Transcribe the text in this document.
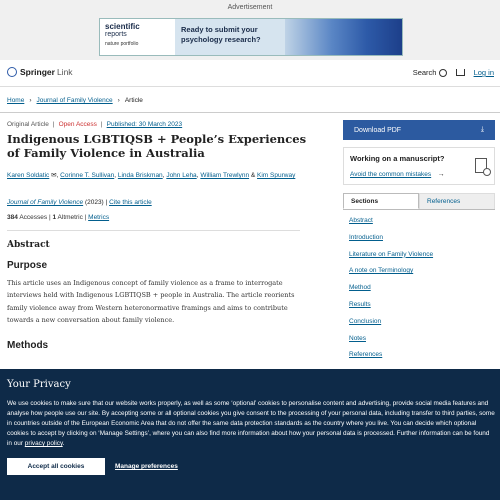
Advertisement
scientific
reports
nature portfolio
Ready to submit your psychology research?
Springer Link	Search	Log in
Home › Journal of Family Violence › Article
Original Article | Open Access | Published: 30 March 2023
Indigenous LGBTIQSB + People’s Experiences of Family Violence in Australia
Karen Soldatic ✉, Corinne T. Sullivan, Linda Briskman, John Leha, William Trewlynn & Kim Spurway
Journal of Family Violence (2023) | Cite this article
384 Accesses | 1 Altmetric | Metrics
Abstract
Purpose

This article uses an Indigenous concept of family violence as a frame to interrogate interviews held with Indigenous LGBTIQSB + people in Australia. The article reorients family violence away from Western heteronormative framings and aims to contribute towards a new conversation about family violence.

Methods
Download PDF	⤓
Working on a manuscript?
Avoid the common mistakes →
Sections	References
Abstract
Introduction
Literature on Family Violence
A note on Terminology
Method
Results
Conclusion
Notes
References
Your Privacy
We use cookies to make sure that our website works properly, as well as some ‘optional’ cookies to personalise content and advertising, provide social media features and analyse how people use our site. By accepting some or all optional cookies you give consent to the processing of your personal data, including transfer to third parties, some in countries outside of the European Economic Area that do not offer the same data protection standards as the country where you live. You can decide which optional cookies to accept by clicking on ‘Manage Settings’, where you can also find more information about how your personal data is processed. Further information can be found in our privacy policy.
Accept all cookies	Manage preferences
